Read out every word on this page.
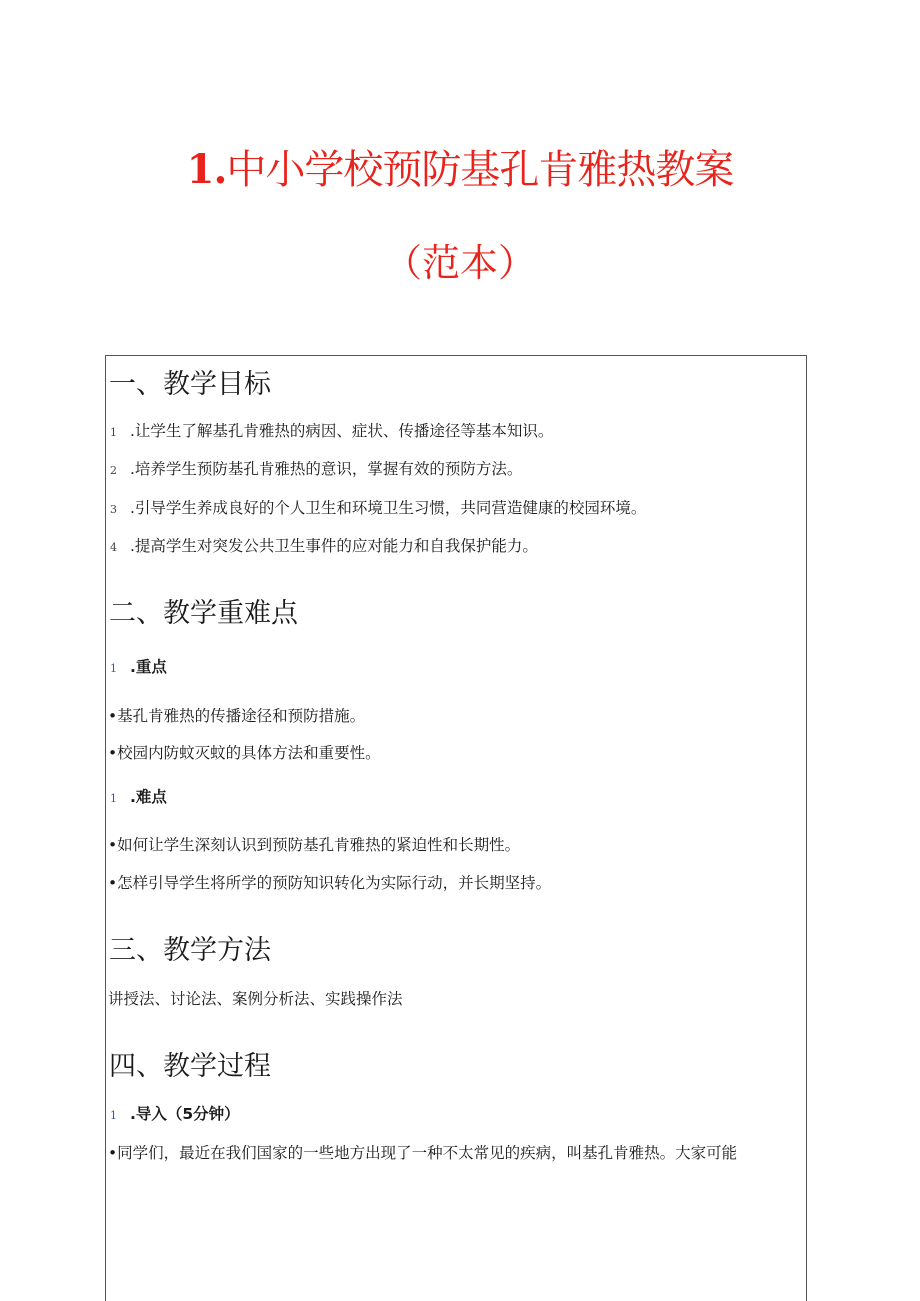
1.中小学校预防基孔肯雅热教案
（范本）
一、教学目标
1 .让学生了解基孔肯雅热的病因、症状、传播途径等基本知识。
2 .培养学生预防基孔肯雅热的意识，掌握有效的预防方法。
3 .引导学生养成良好的个人卫生和环境卫生习惯，共同营造健康的校园环境。
4 .提高学生对突发公共卫生事件的应对能力和自我保护能力。
二、教学重难点
1 .重点
•基孔肯雅热的传播途径和预防措施。
•校园内防蚊灭蚊的具体方法和重要性。
1 .难点
•如何让学生深刻认识到预防基孔肯雅热的紧迫性和长期性。
•怎样引导学生将所学的预防知识转化为实际行动，并长期坚持。
三、教学方法
讲授法、讨论法、案例分析法、实践操作法
四、教学过程
1 .导入（5分钟）
•同学们，最近在我们国家的一些地方出现了一种不太常见的疾病，叫基孔肯雅热。大家可能
